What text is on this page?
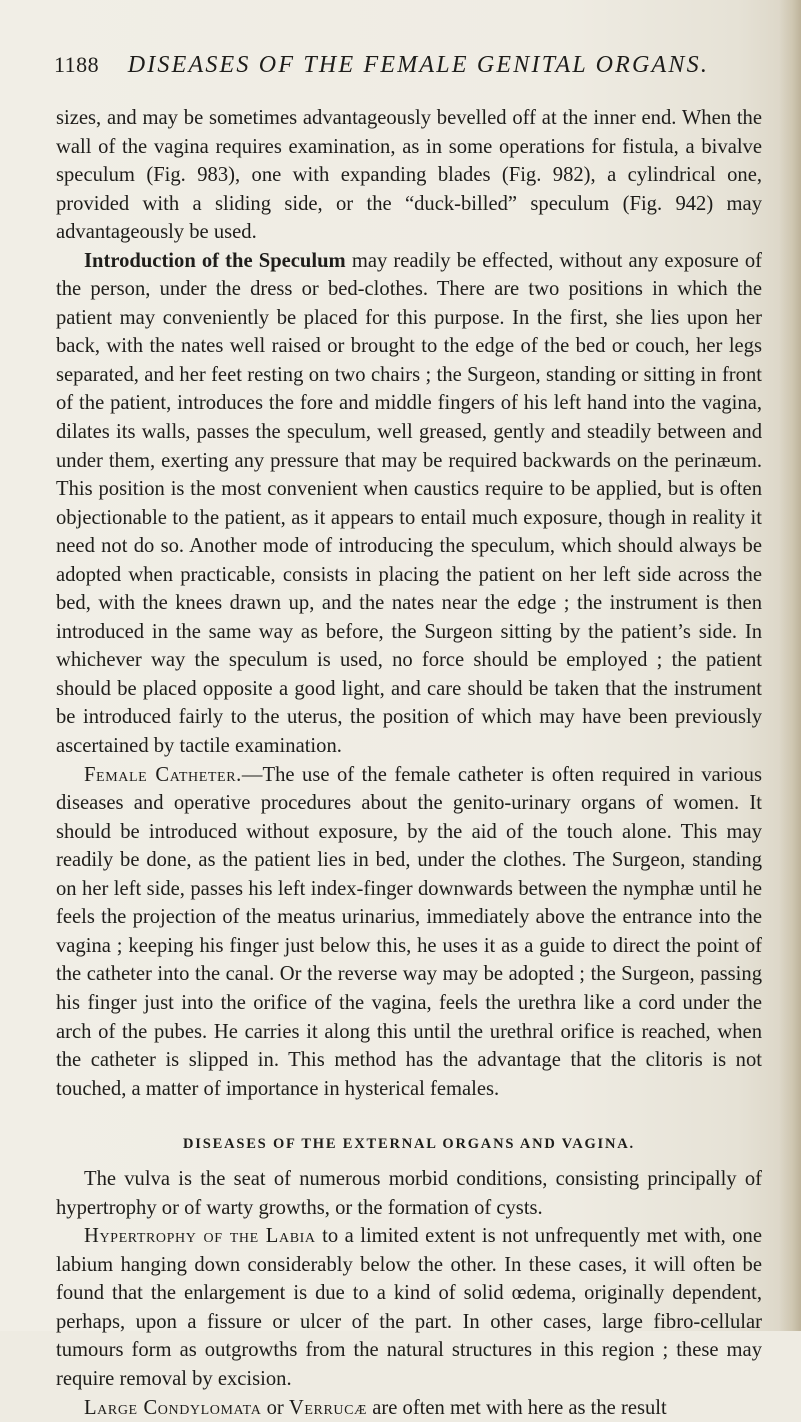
1188 DISEASES OF THE FEMALE GENITAL ORGANS.

sizes, and may be sometimes advantageously bevelled off at the inner end. When the wall of the vagina requires examination, as in some operations for fistula, a bivalve speculum (Fig. 983), one with expanding blades (Fig. 982), a cylindrical one, provided with a sliding side, or the “duck-billed” speculum (Fig. 942) may advantageously be used.

Introduction of the Speculum may readily be effected, without any exposure of the person, under the dress or bed-clothes. There are two positions in which the patient may conveniently be placed for this purpose. In the first, she lies upon her back, with the nates well raised or brought to the edge of the bed or couch, her legs separated, and her feet resting on two chairs ; the Surgeon, standing or sitting in front of the patient, introduces the fore and middle fingers of his left hand into the vagina, dilates its walls, passes the speculum, well greased, gently and steadily between and under them, exerting any pressure that may be required backwards on the perinæum. This position is the most convenient when caustics require to be applied, but is often objectionable to the patient, as it appears to entail much exposure, though in reality it need not do so. Another mode of introducing the speculum, which should always be adopted when practicable, consists in placing the patient on her left side across the bed, with the knees drawn up, and the nates near the edge ; the instrument is then introduced in the same way as before, the Surgeon sitting by the patient’s side. In whichever way the speculum is used, no force should be employed ; the patient should be placed opposite a good light, and care should be taken that the instrument be introduced fairly to the uterus, the position of which may have been previously ascertained by tactile examination.

Female Catheter.—The use of the female catheter is often required in various diseases and operative procedures about the genito-urinary organs of women. It should be introduced without exposure, by the aid of the touch alone. This may readily be done, as the patient lies in bed, under the clothes. The Surgeon, standing on her left side, passes his left index-finger downwards between the nymphæ until he feels the projection of the meatus urinarius, immediately above the entrance into the vagina ; keeping his finger just below this, he uses it as a guide to direct the point of the catheter into the canal. Or the reverse way may be adopted ; the Surgeon, passing his finger just into the orifice of the vagina, feels the urethra like a cord under the arch of the pubes. He carries it along this until the urethral orifice is reached, when the catheter is slipped in. This method has the advantage that the clitoris is not touched, a matter of importance in hysterical females.

DISEASES OF THE EXTERNAL ORGANS AND VAGINA.

The vulva is the seat of numerous morbid conditions, consisting principally of hypertrophy or of warty growths, or the formation of cysts.

Hypertrophy of the Labia to a limited extent is not unfrequently met with, one labium hanging down considerably below the other. In these cases, it will often be found that the enlargement is due to a kind of solid œdema, originally dependent, perhaps, upon a fissure or ulcer of the part. In other cases, large fibro-cellular tumours form as outgrowths from the natural structures in this region ; these may require removal by excision.

Large Condylomata or Verrucæ are often met with here as the result
